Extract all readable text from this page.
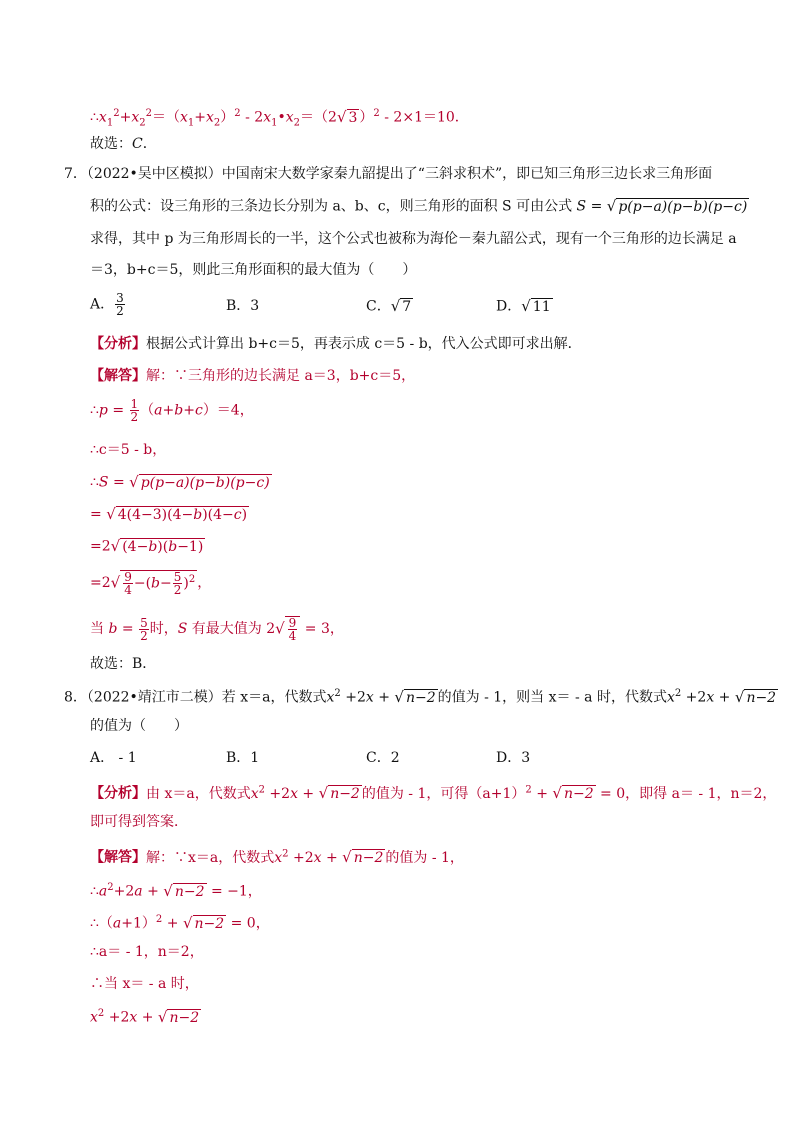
$\therefore x_1^2+x_2^2=(x_1+x_2)^2$ - $2x_1•x_2=(2√$ 3 ）$^2$ - 2×1＝10．
故选：C．
7．（2022•吴中区模拟）中国南宋大数学家秦九韶提出了“三斜求积术”，即已知三角形三边长求三角形面
积的公式：设三角形的三条边长分别为 a、b、c，则三角形的面积 S 可由公式 S = √ p(p−a)(p−b)(p−c)
求得，其中 p 为三角形周长的一半，这个公式也被称为海伦－秦九韶公式，现有一个三角形的边长满足 a
＝3，b+c＝5，则此三角形面积的最大值为（　　）
A． $\frac{3}{2}$	B．3	C．√ 7	D．√ 11
【分析】根据公式计算出 b+c＝5，再表示成 c＝5 - b，代入公式即可求出解．
【解答】解：∵三角形的边长满足 a＝3，b+c＝5，
∴p = $\frac{1}{2} (a+b+c)=4$，
∴c＝5 - b，
∴S = √ p(p−a)(p−b)(p−c)
= √ 4(4−3)(4−b)(4−c)
=2√ (4−b)(b−1)
$=2√ \frac{9}{4} -(b- \frac{5}{2} )^2$ ，
当 $b = \frac{5}{2}$ 时，S 有最大值为 $2√ \frac{9}{4} = 3$，
故选：B．
8．（2022•靖江市二模）若 x＝a，代数式$x^2 +2x$ + √ n−2 的值为 - 1，则当 x＝ - a 时，代数式$x^2 +2x$ + √ n−2
的值为（　　）
A． - 1	B．1	C．2	D．3
【分析】由 x＝a，代数式$x^2 +2x$ + √ n−2 的值为 - 1，可得$(a+1)^2$ + √ n−2 = 0，即得 a＝ - 1，n＝2，
即可得到答案．
【解答】解：∵x＝a，代数式$x^2 +2x$ + √ n−2 的值为 - 1，
$\therefore a^2+2a$ + √ n−2 = −1，
$\therefore(a+1)^2$ + √ n−2 = 0，
∴a＝ - 1，n＝2，
∴当 x＝ - a 时，
$x^2 +2x$ + √ n−2
